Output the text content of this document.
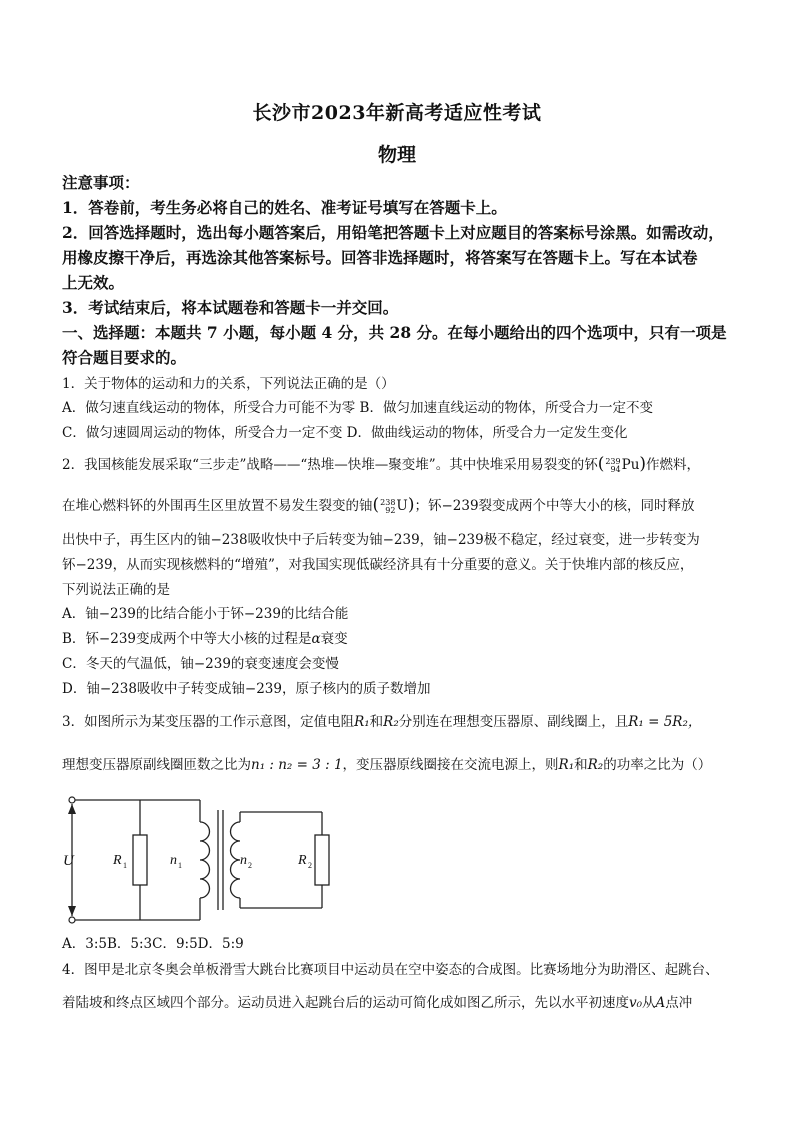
长沙市2023年新高考适应性考试
物理
注意事项：
1．答卷前，考生务必将自己的姓名、准考证号填写在答题卡上。
2．回答选择题时，选出每小题答案后，用铅笔把答题卡上对应题目的答案标号涂黑。如需改动，
用橡皮擦干净后，再选涂其他答案标号。回答非选择题时，将答案写在答题卡上。写在本试卷
上无效。
3．考试结束后，将本试题卷和答题卡一并交回。
一、选择题：本题共 7 小题，每小题 4 分，共 28 分。在每小题给出的四个选项中，只有一项是
符合题目要求的。
1．关于物体的运动和力的关系，下列说法正确的是（）
A．做匀速直线运动的物体，所受合力可能不为零 B．做匀加速直线运动的物体，所受合力一定不变
C．做匀速圆周运动的物体，所受合力一定不变 D．做曲线运动的物体，所受合力一定发生变化
2．我国核能发展采取“三步走”战略——“热堆—快堆—聚变堆”。其中快堆采用易裂变的钚(239
94Pu)作燃料，
在堆心燃料钚的外围再生区里放置不易发生裂变的铀(238
92U)；钚−239裂变成两个中等大小的核，同时释放
出快中子，再生区内的铀−238吸收快中子后转变为铀−239，铀−239极不稳定，经过衰变，进一步转变为
钚−239，从而实现核燃料的“增殖”，对我国实现低碳经济具有十分重要的意义。关于快堆内部的核反应，
下列说法正确的是
A．铀−239的比结合能小于钚−239的比结合能
B．钚−239变成两个中等大小核的过程是α衰变
C．冬天的气温低，铀−239的衰变速度会变慢
D．铀−238吸收中子转变成铀−239，原子核内的质子数增加
3．如图所示为某变压器的工作示意图，定值电阻R₁和R₂分别连在理想变压器原、副线圈上，且R₁ = 5R₂，
理想变压器原副线圈匝数之比为n₁ : n₂ = 3 : 1，变压器原线圈接在交流电源上，则R₁和R₂的功率之比为（）
U	R 1	n 1	n 2	R 2
A．3:5B．5:3C．9:5D．5:9
4．图甲是北京冬奥会单板滑雪大跳台比赛项目中运动员在空中姿态的合成图。比赛场地分为助滑区、起跳台、
着陆坡和终点区域四个部分。运动员进入起跳台后的运动可简化成如图乙所示，先以水平初速度v₀从A点冲
